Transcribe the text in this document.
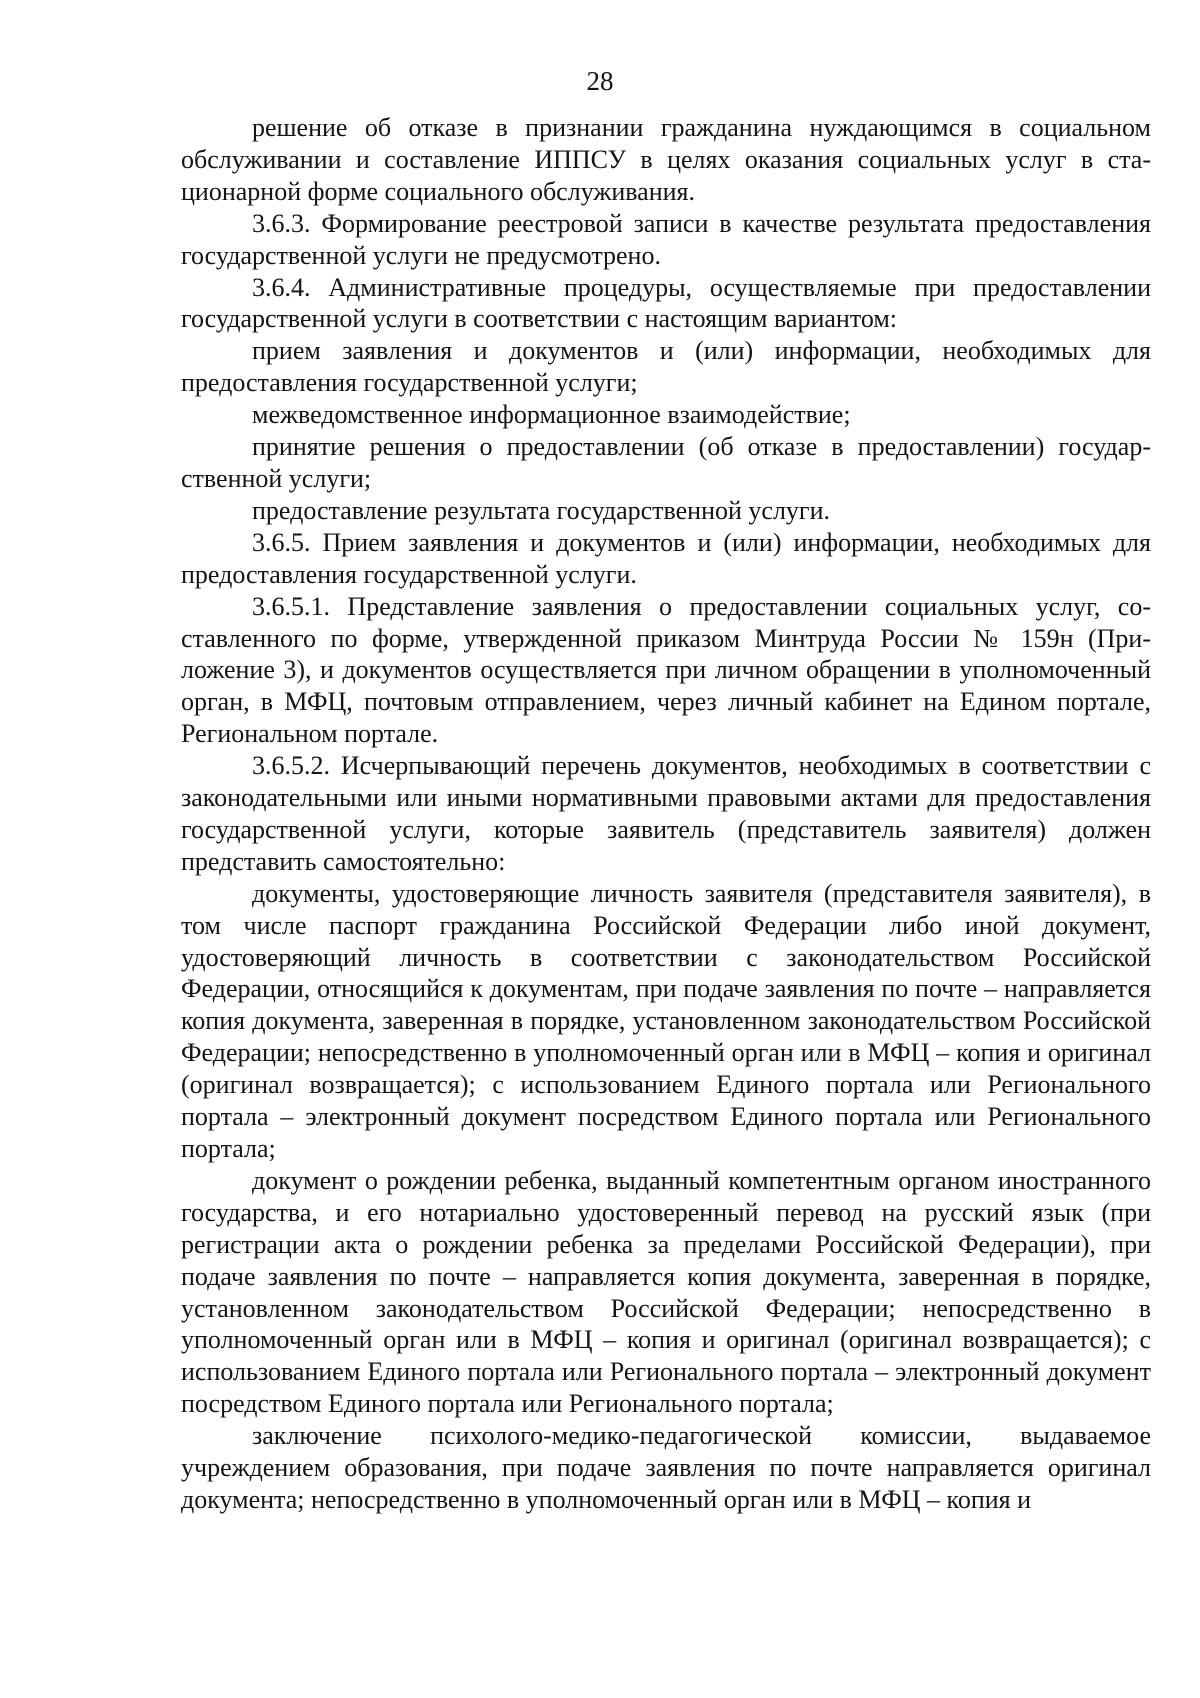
28

решение об отказе в признании гражданина нуждающимся в социальном обслуживании и составление ИППСУ в целях оказания социальных услуг в стационарной форме социального обслуживания.

3.6.3. Формирование реестровой записи в качестве результата предоставления государственной услуги не предусмотрено.

3.6.4. Административные процедуры, осуществляемые при предоставлении государственной услуги в соответствии с настоящим вариантом:

прием заявления и документов и (или) информации, необходимых для предоставления государственной услуги;

межведомственное информационное взаимодействие;

принятие решения о предоставлении (об отказе в предоставлении) государственной услуги;

предоставление результата государственной услуги.

3.6.5. Прием заявления и документов и (или) информации, необходимых для предоставления государственной услуги.

3.6.5.1. Представление заявления о предоставлении социальных услуг, составленного по форме, утвержденной приказом Минтруда России № 159н (Приложение 3), и документов осуществляется при личном обращении в уполномоченный орган, в МФЦ, почтовым отправлением, через личный кабинет на Едином портале, Региональном портале.

3.6.5.2. Исчерпывающий перечень документов, необходимых в соответствии с законодательными или иными нормативными правовыми актами для предоставления государственной услуги, которые заявитель (представитель заявителя) должен представить самостоятельно:

документы, удостоверяющие личность заявителя (представителя заявителя), в том числе паспорт гражданина Российской Федерации либо иной документ, удостоверяющий личность в соответствии с законодательством Российской Федерации, относящийся к документам, при подаче заявления по почте – направляется копия документа, заверенная в порядке, установленном законодательством Российской Федерации; непосредственно в уполномоченный орган или в МФЦ – копия и оригинал (оригинал возвращается); с использованием Единого портала или Регионального портала – электронный документ посредством Единого портала или Регионального портала;

документ о рождении ребенка, выданный компетентным органом иностранного государства, и его нотариально удостоверенный перевод на русский язык (при регистрации акта о рождении ребенка за пределами Российской Федерации), при подаче заявления по почте – направляется копия документа, заверенная в порядке, установленном законодательством Российской Федерации; непосредственно в уполномоченный орган или в МФЦ – копия и оригинал (оригинал возвращается); с использованием Единого портала или Регионального портала – электронный документ посредством Единого портала или Регионального портала;

заключение психолого-медико-педагогической комиссии, выдаваемое учреждением образования, при подаче заявления по почте направляется оригинал документа; непосредственно в уполномоченный орган или в МФЦ – копия и
